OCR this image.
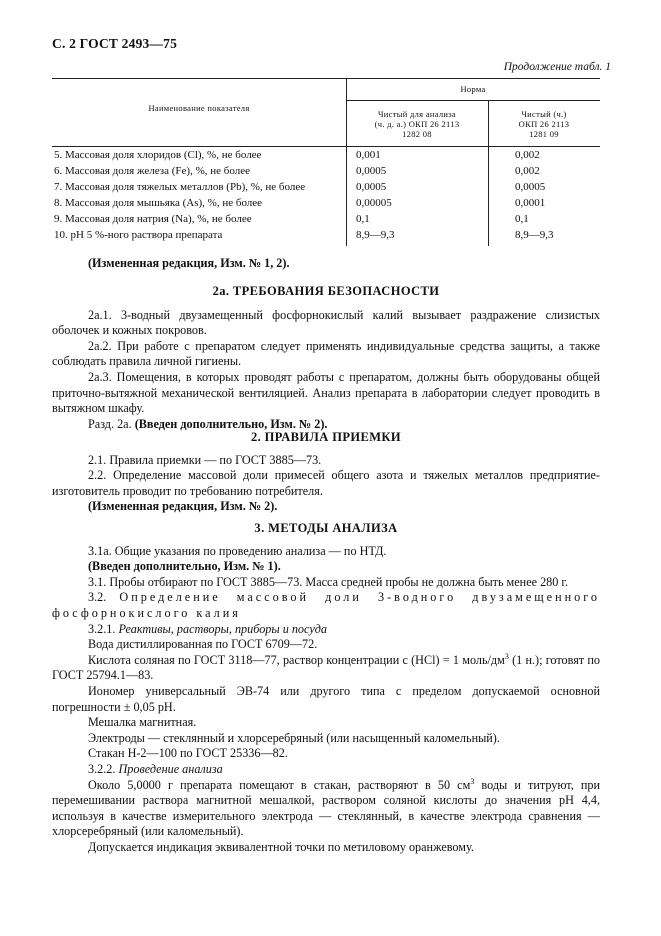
С. 2 ГОСТ 2493—75
Продолжение табл. 1
Наименование показателя
Норма
Чистый для анализа
(ч. д. а.) ОКП 26 2113
1282 08
Чистый (ч.)
ОКП 26 2113
1281 09
5. Массовая доля хлоридов (Cl), %, не более	0,001	0,002
6. Массовая доля железа (Fe), %, не более	0,0005	0,002
7. Массовая доля тяжелых металлов (Pb), %, не более	0,0005	0,0005
8. Массовая доля мышьяка (As), %, не более	0,00005	0,0001
9. Массовая доля натрия (Na), %, не более	0,1	0,1
10. pH 5 %-ного раствора препарата	8,9—9,3	8,9—9,3

(Измененная редакция, Изм. № 1, 2).

2а. ТРЕБОВАНИЯ БЕЗОПАСНОСТИ

2а.1. 3-водный двузамещенный фосфорнокислый калий вызывает раздражение слизистых оболочек и кожных покровов.

2а.2. При работе с препаратом следует применять индивидуальные средства защиты, а также соблюдать правила личной гигиены.

2а.3. Помещения, в которых проводят работы с препаратом, должны быть оборудованы общей приточно-вытяжной механической вентиляцией. Анализ препарата в лаборатории следует проводить в вытяжном шкафу.

Разд. 2а. (Введен дополнительно, Изм. № 2).

2. ПРАВИЛА ПРИЕМКИ

2.1. Правила приемки — по ГОСТ 3885—73.

2.2. Определение массовой доли примесей общего азота и тяжелых металлов предприятие-изготовитель проводит по требованию потребителя.

(Измененная редакция, Изм. № 2).

3. МЕТОДЫ АНАЛИЗА

3.1а. Общие указания по проведению анализа — по НТД.

(Введен дополнительно, Изм. № 1).

3.1. Пробы отбирают по ГОСТ 3885—73. Масса средней пробы не должна быть менее 280 г.

3.2. Определение массовой доли 3-водного двузамещенного фосфорнокислого калия

3.2.1. Реактивы, растворы, приборы и посуда

Вода дистиллированная по ГОСТ 6709—72.

Кислота соляная по ГОСТ 3118—77, раствор концентрации с (HCl) = 1 моль/$дм^3$ (1 н.); готовят по ГОСТ 25794.1—83.

Иономер универсальный ЭВ-74 или другого типа с пределом допускаемой основной погрешности ± 0,05 pH.

Мешалка магнитная.

Электроды — стеклянный и хлорсеребряный (или насыщенный каломельный).

Стакан Н-2—100 по ГОСТ 25336—82.

3.2.2. Проведение анализа

Около 5,0000 г препарата помещают в стакан, растворяют в 50 $см^3$ воды и титруют, при перемешивании раствора магнитной мешалкой, раствором соляной кислоты до значения pH 4,4, используя в качестве измерительного электрода — стеклянный, в качестве электрода сравнения — хлорсеребряный (или каломельный).

Допускается индикация эквивалентной точки по метиловому оранжевому.
